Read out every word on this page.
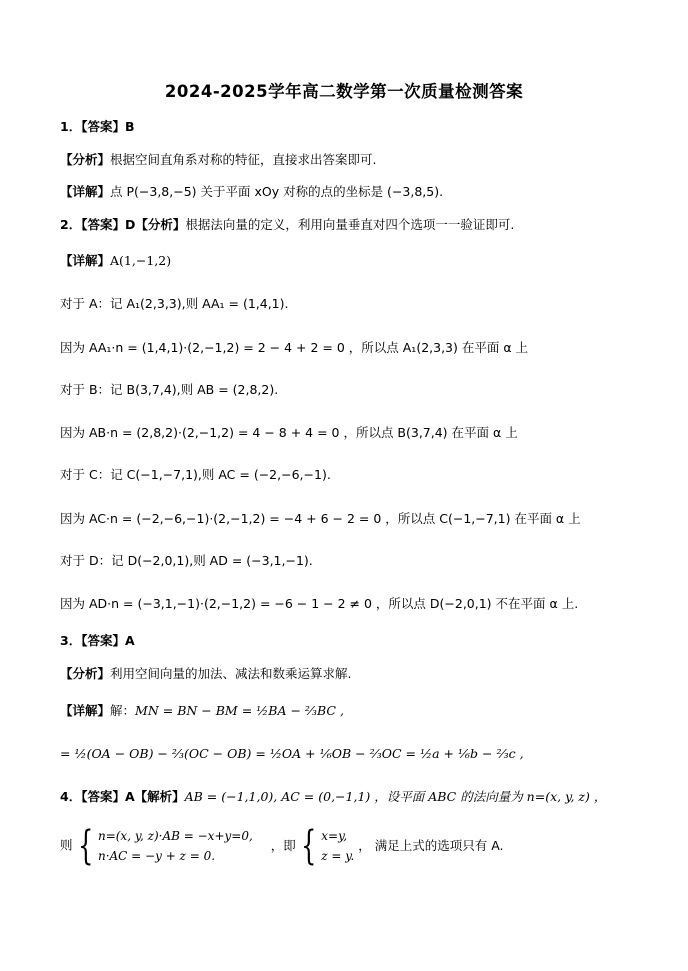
2024-2025学年高二数学第一次质量检测答案
1．【答案】B
【分析】根据空间直角系对称的特征，直接求出答案即可.
【详解】点 P(−3,8,−5) 关于平面 xOy 对称的点的坐标是 (−3,8,5).
2．【答案】D【分析】根据法向量的定义，利用向量垂直对四个选项一一验证即可.
【详解】A(1,−1,2)
对于 A：记 A₁(2,3,3),则 AA₁ = (1,4,1).
因为 AA₁·n = (1,4,1)·(2,−1,2) = 2 − 4 + 2 = 0 ，所以点 A₁(2,3,3) 在平面 α 上
对于 B：记 B(3,7,4),则 AB = (2,8,2).
因为 AB·n = (2,8,2)·(2,−1,2) = 4 − 8 + 4 = 0 ，所以点 B(3,7,4) 在平面 α 上
对于 C：记 C(−1,−7,1),则 AC = (−2,−6,−1).
因为 AC·n = (−2,−6,−1)·(2,−1,2) = −4 + 6 − 2 = 0 ，所以点 C(−1,−7,1) 在平面 α 上
对于 D：记 D(−2,0,1),则 AD = (−3,1,−1).
因为 AD·n = (−3,1,−1)·(2,−1,2) = −6 − 1 − 2 ≠ 0 ，所以点 D(−2,0,1) 不在平面 α 上.
3．【答案】A
【分析】利用空间向量的加法、减法和数乘运算求解.
【详解】解：MN = BN − BM = ½BA − ⅔BC ,
= ½(OA − OB) − ⅔(OC − OB) = ½OA + ⅙OB − ⅔OC = ½a + ⅙b − ⅔c ,
4．【答案】A【解析】AB = (−1,1,0), AC = (0,−1,1) ，设平面 ABC 的法向量为 n=(x, y, z) ，
则 { n=(x, y, z)·AB = −x+y=0,
n·AC = −y + z = 0.
，即 { x=y,
z = y.
， 满足上式的选项只有 A.
